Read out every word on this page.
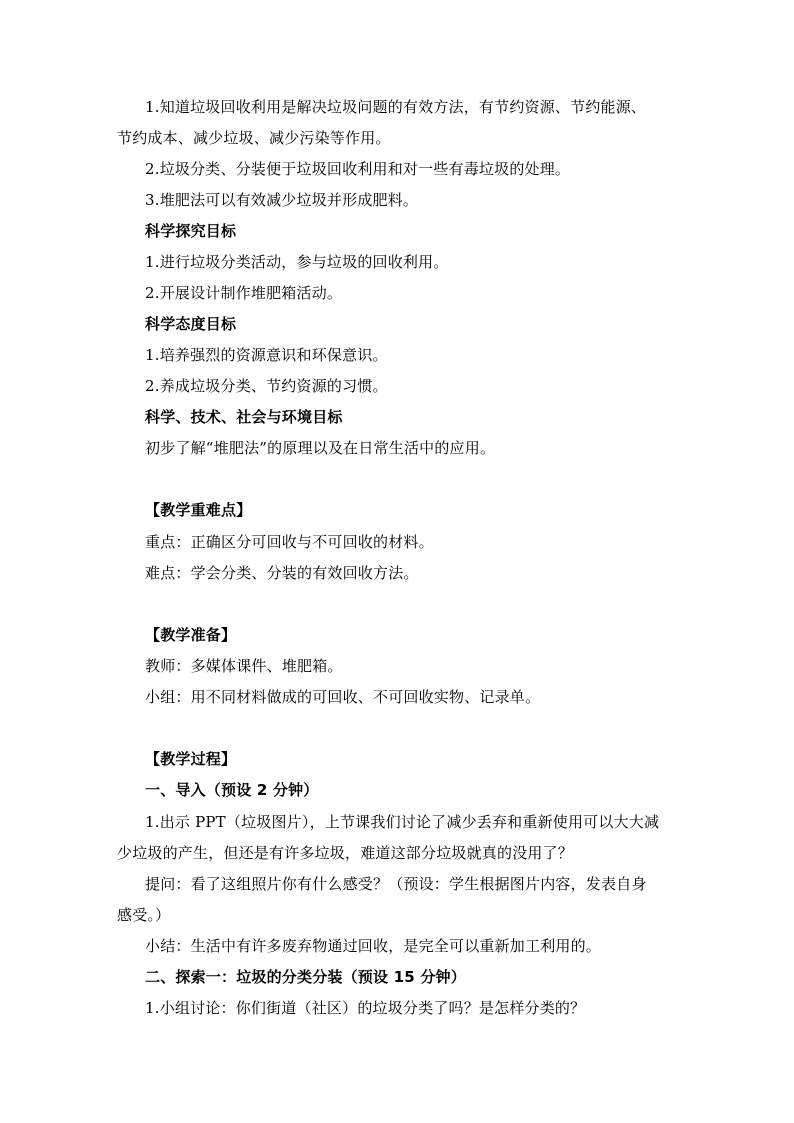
1.知道垃圾回收利用是解决垃圾问题的有效方法，有节约资源、节约能源、
节约成本、减少垃圾、减少污染等作用。
2.垃圾分类、分装便于垃圾回收利用和对一些有毒垃圾的处理。
3.堆肥法可以有效减少垃圾并形成肥料。
科学探究目标
1.进行垃圾分类活动，参与垃圾的回收利用。
2.开展设计制作堆肥箱活动。
科学态度目标
1.培养强烈的资源意识和环保意识。
2.养成垃圾分类、节约资源的习惯。
科学、技术、社会与环境目标
初步了解“堆肥法”的原理以及在日常生活中的应用。
【教学重难点】
重点：正确区分可回收与不可回收的材料。
难点：学会分类、分装的有效回收方法。
【教学准备】
教师：多媒体课件、堆肥箱。
小组：用不同材料做成的可回收、不可回收实物、记录单。
【教学过程】
一、导入（预设 2 分钟）
1.出示 PPT（垃圾图片），上节课我们讨论了减少丢弃和重新使用可以大大减
少垃圾的产生，但还是有许多垃圾，难道这部分垃圾就真的没用了？
提问：看了这组照片你有什么感受？（预设：学生根据图片内容，发表自身
感受。）
小结：生活中有许多废弃物通过回收，是完全可以重新加工利用的。
二、探索一：垃圾的分类分装（预设 15 分钟）
1.小组讨论：你们街道（社区）的垃圾分类了吗？是怎样分类的？
